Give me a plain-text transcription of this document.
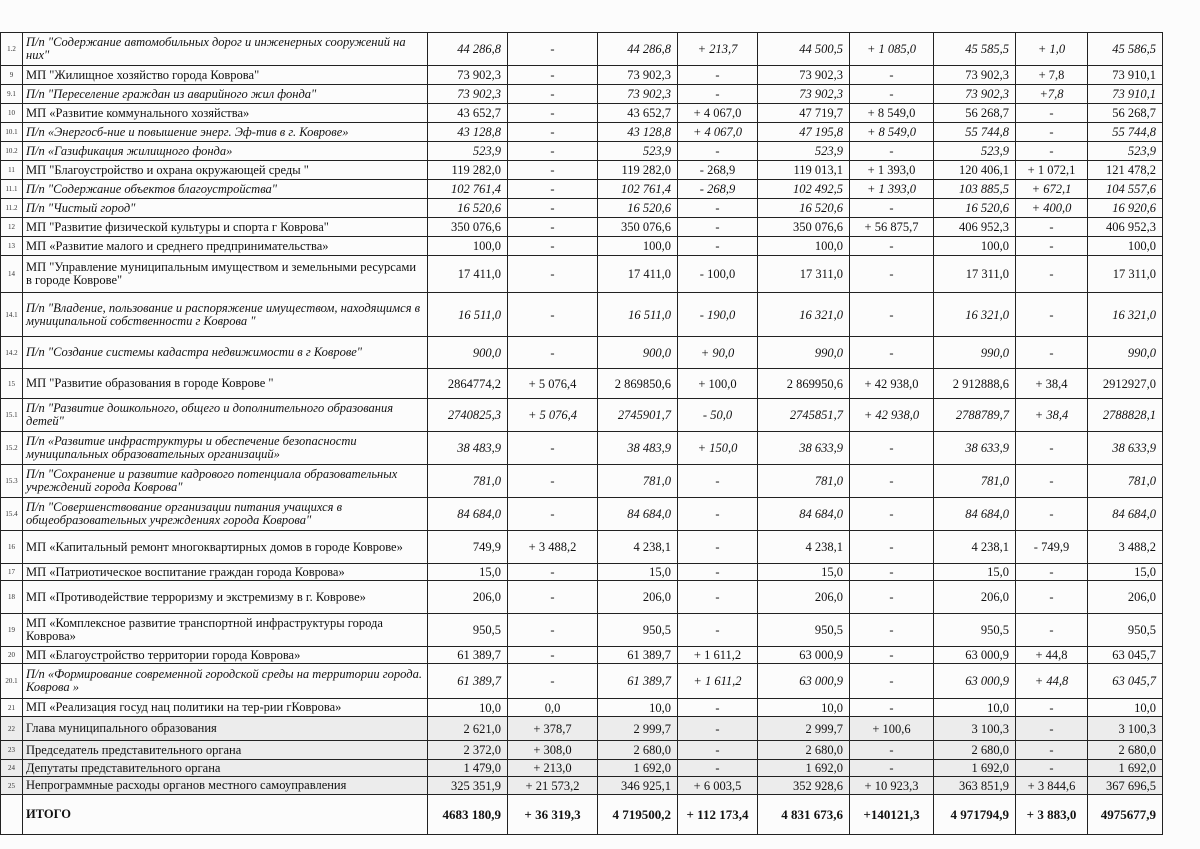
1.2	П/п "Содержание автомобильных дорог и инженерных сооружений на них"	44 286,8	-	44 286,8	+ 213,7	44 500,5	+ 1 085,0	45 585,5	+ 1,0	45 586,5
9	МП "Жилищное хозяйство города Коврова"	73 902,3	-	73 902,3	-	73 902,3	-	73 902,3	+ 7,8	73 910,1
9.1	П/п "Переселение граждан из аварийного жил фонда"	73 902,3	-	73 902,3	-	73 902,3	-	73 902,3	+7,8	73 910,1
10	МП «Развитие коммунального хозяйства»	43 652,7	-	43 652,7	+ 4 067,0	47 719,7	+ 8 549,0	56 268,7	-	56 268,7
10.1	П/п «Энергосб-ние и повышение энерг. Эф-тив в г. Коврове»	43 128,8	-	43 128,8	+ 4 067,0	47 195,8	+ 8 549,0	55 744,8	-	55 744,8
10.2	П/п «Газификация жилищного фонда»	523,9	-	523,9	-	523,9	-	523,9	-	523,9
11	МП "Благоустройство и охрана окружающей среды "	119 282,0	-	119 282,0	- 268,9	119 013,1	+ 1 393,0	120 406,1	+ 1 072,1	121 478,2
11.1	П/п "Содержание объектов благоустройства"	102 761,4	-	102 761,4	- 268,9	102 492,5	+ 1 393,0	103 885,5	+ 672,1	104 557,6
11.2	П/п "Чистый город"	16 520,6	-	16 520,6	-	16 520,6	-	16 520,6	+ 400,0	16 920,6
12	МП "Развитие физической культуры и спорта г Коврова"	350 076,6	-	350 076,6	-	350 076,6	+ 56 875,7	406 952,3	-	406 952,3
13	МП «Развитие малого и среднего предпринимательства»	100,0	-	100,0	-	100,0	-	100,0	-	100,0
14	МП "Управление муниципальным имуществом и земельными ресурсами в городе Коврове"	17 411,0	-	17 411,0	- 100,0	17 311,0	-	17 311,0	-	17 311,0
14.1	П/п "Владение, пользование и распоряжение имуществом, находящимся в муниципальной собственности г Коврова "	16 511,0	-	16 511,0	- 190,0	16 321,0	-	16 321,0	-	16 321,0
14.2	П/п "Создание системы кадастра недвижимости в г Коврове"	900,0	-	900,0	+ 90,0	990,0	-	990,0	-	990,0
15	МП "Развитие образования в городе Коврове "	2864774,2	+ 5 076,4	2 869850,6	+ 100,0	2 869950,6	+ 42 938,0	2 912888,6	+ 38,4	2912927,0
15.1	П/п "Развитие дошкольного, общего и дополнительного образования детей"	2740825,3	+ 5 076,4	2745901,7	- 50,0	2745851,7	+ 42 938,0	2788789,7	+ 38,4	2788828,1
15.2	П/п «Развитие инфраструктуры и обеспечение безопасности муниципальных образовательных организаций»	38 483,9	-	38 483,9	+ 150,0	38 633,9	-	38 633,9	-	38 633,9
15.3	П/п "Сохранение и развитие кадрового потенциала образовательных учреждений города Коврова"	781,0	-	781,0	-	781,0	-	781,0	-	781,0
15.4	П/п "Совершенствование организации питания учащихся в общеобразовательных учреждениях города Коврова"	84 684,0	-	84 684,0	-	84 684,0	-	84 684,0	-	84 684,0
16	МП «Капитальный ремонт многоквартирных домов в городе Коврове»	749,9	+ 3 488,2	4 238,1	-	4 238,1	-	4 238,1	- 749,9	3 488,2
17	МП «Патриотическое воспитание граждан города Коврова»	15,0	-	15,0	-	15,0	-	15,0	-	15,0
18	МП «Противодействие терроризму и экстремизму в г. Коврове»	206,0	-	206,0	-	206,0	-	206,0	-	206,0
19	МП «Комплексное развитие транспортной инфраструктуры города Коврова»	950,5	-	950,5	-	950,5	-	950,5	-	950,5
20	МП «Благоустройство территории города Коврова»	61 389,7	-	61 389,7	+ 1 611,2	63 000,9	-	63 000,9	+ 44,8	63 045,7
20.1	П/п «Формирование современной городской среды на территории города. Коврова »	61 389,7	-	61 389,7	+ 1 611,2	63 000,9	-	63 000,9	+ 44,8	63 045,7
21	МП «Реализация госуд нац политики на тер-рии гКоврова»	10,0	0,0	10,0	-	10,0	-	10,0	-	10,0
22	Глава муниципального образования	2 621,0	+ 378,7	2 999,7	-	2 999,7	+ 100,6	3 100,3	-	3 100,3
23	Председатель представительного органа	2 372,0	+ 308,0	2 680,0	-	2 680,0	-	2 680,0	-	2 680,0
24	Депутаты представительного органа	1 479,0	+ 213,0	1 692,0	-	1 692,0	-	1 692,0	-	1 692,0
25	Непрограммные расходы органов местного самоуправления	325 351,9	+ 21 573,2	346 925,1	+ 6 003,5	352 928,6	+ 10 923,3	363 851,9	+ 3 844,6	367 696,5
	ИТОГО	4683 180,9	+ 36 319,3	4 719500,2	+ 112 173,4	4 831 673,6	+140121,3	4 971794,9	+ 3 883,0	4975677,9
